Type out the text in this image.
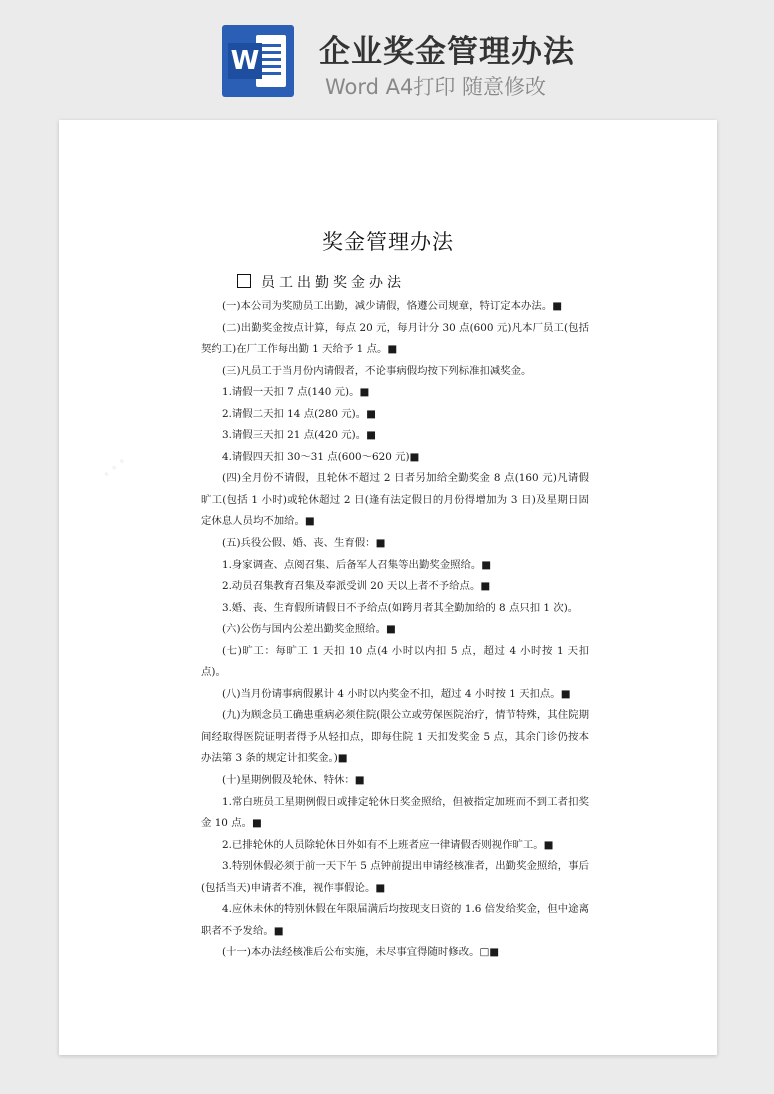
W 企业奖金管理办法
Word A4打印 随意修改
⋯
奖金管理办法
员工出勤奖金办法

(一)本公司为奖励员工出勤，减少请假，恪遵公司规章，特订定本办法。■

(二)出勤奖金按点计算，每点 20 元，每月计分 30 点(600 元)凡本厂员工(包括契约工)在厂工作每出勤 1 天给予 1 点。■

(三)凡员工于当月份内请假者，不论事病假均按下列标准扣减奖金。

1.请假一天扣 7 点(140 元)。■

2.请假二天扣 14 点(280 元)。■

3.请假三天扣 21 点(420 元)。■

4.请假四天扣 30～31 点(600～620 元)■

(四)全月份不请假，且轮休不超过 2 日者另加给全勤奖金 8 点(160 元)凡请假旷工(包括 1 小时)或轮休超过 2 日(逢有法定假日的月份得增加为 3 日)及星期日固定休息人员均不加给。■

(五)兵役公假、婚、丧、生育假：■

1.身家调查、点阅召集、后备军人召集等出勤奖金照给。■

2.动员召集教育召集及奉派受训 20 天以上者不予给点。■

3.婚、丧、生育假所请假日不予给点(如跨月者其全勤加给的 8 点只扣 1 次)。

(六)公伤与国内公差出勤奖金照给。■

(七)旷工：每旷工 1 天扣 10 点(4 小时以内扣 5 点，超过 4 小时按 1 天扣点)。

(八)当月份请事病假累计 4 小时以内奖金不扣，超过 4 小时按 1 天扣点。■

(九)为顾念员工确患重病必须住院(限公立或劳保医院治疗，情节特殊，其住院期间经取得医院证明者得予从轻扣点，即每住院 1 天扣发奖金 5 点，其余门诊仍按本办法第 3 条的规定计扣奖金。)■

(十)星期例假及轮休、特休：■

1.常白班员工星期例假日或排定轮休日奖金照给，但被指定加班而不到工者扣奖金 10 点。■

2.已排轮休的人员除轮休日外如有不上班者应一律请假否则视作旷工。■

3.特别休假必须于前一天下午 5 点钟前提出申请经核准者，出勤奖金照给，事后(包括当天)申请者不准，视作事假论。■

4.应休未休的特别休假在年限届满后均按现支日资的 1.6 倍发给奖金，但中途离职者不予发给。■

(十一)本办法经核准后公布实施，未尽事宜得随时修改。□■
